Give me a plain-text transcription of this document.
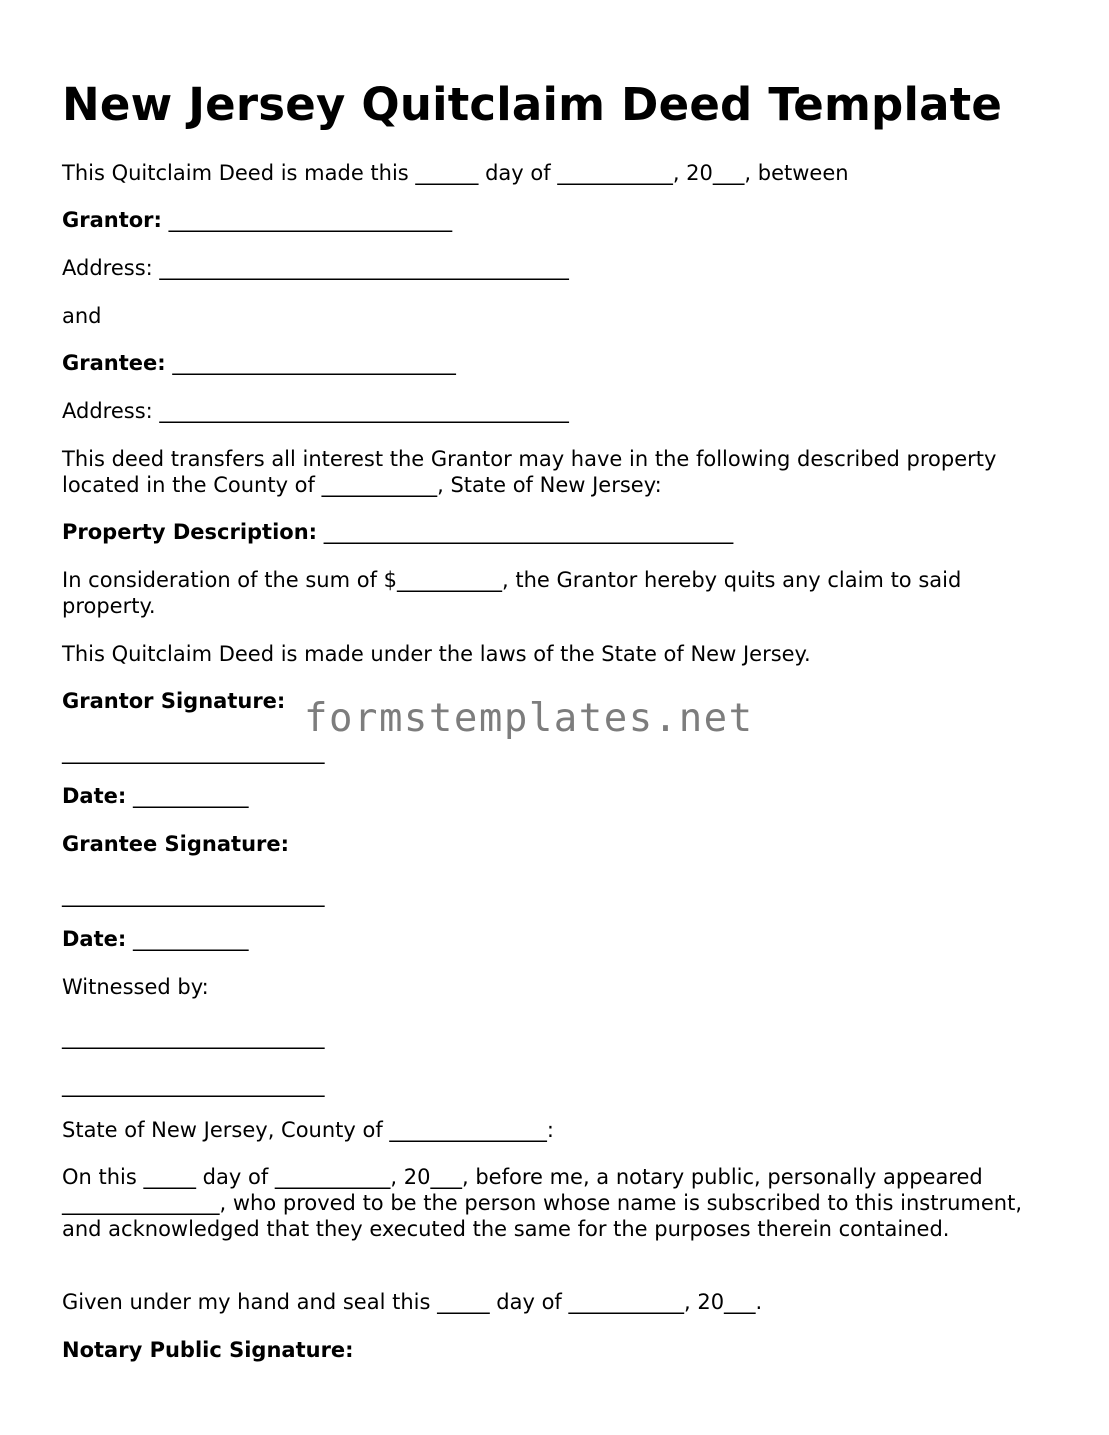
New Jersey Quitclaim Deed Template

This Quitclaim Deed is made this ______ day of ___________, 20___, between

Grantor: ___________________________

Address: _______________________________________

and

Grantee: ___________________________

Address: _______________________________________

This deed transfers all interest the Grantor may have in the following described property located in the County of ___________, State of New Jersey:

Property Description: _______________________________________

In consideration of the sum of $__________, the Grantor hereby quits any claim to said property.

This Quitclaim Deed is made under the laws of the State of New Jersey.

Grantor Signature:

_________________________

Date: ___________

Grantee Signature:

_________________________

Date: ___________

Witnessed by:

_________________________

_________________________

State of New Jersey, County of _______________:

On this _____ day of ___________, 20___, before me, a notary public, personally appeared _______________, who proved to be the person whose name is subscribed to this instrument, and acknowledged that they executed the same for the purposes therein contained.

Given under my hand and seal this _____ day of ___________, 20___.

Notary Public Signature:

formstemplates.net
